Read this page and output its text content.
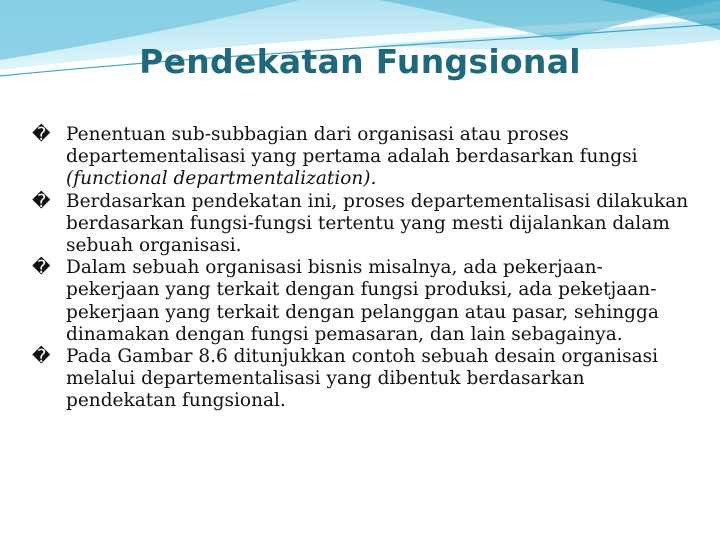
Pendekatan Fungsional

� Penentuan sub-subbagian dari organisasi atau proses departementalisasi yang pertama adalah berdasarkan fungsi (functional departmentalization).

� Berdasarkan pendekatan ini, proses departementalisasi dilakukan berdasarkan fungsi-fungsi tertentu yang mesti dijalankan dalam sebuah organisasi.

� Dalam sebuah organisasi bisnis misalnya, ada pekerjaan-pekerjaan yang terkait dengan fungsi produksi, ada peketjaan-pekerjaan yang terkait dengan pelanggan atau pasar, sehingga dinamakan dengan fungsi pemasaran, dan lain sebagainya.

� Pada Gambar 8.6 ditunjukkan contoh sebuah desain organisasi melalui departementalisasi yang dibentuk berdasarkan pendekatan fungsional.
